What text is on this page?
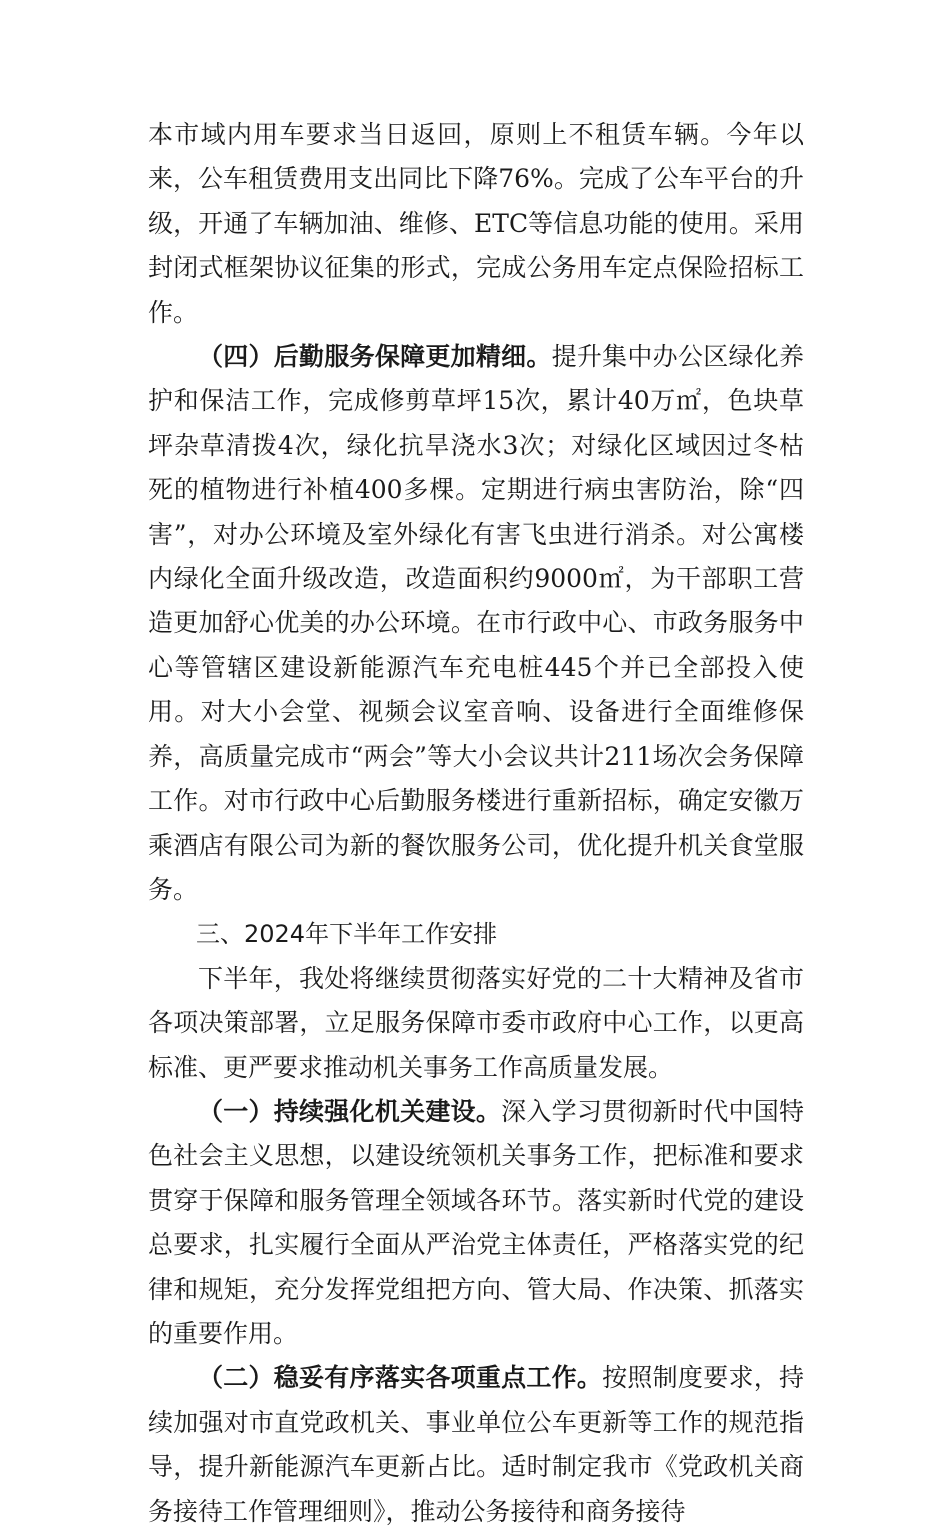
本市域内用车要求当日返回，原则上不租赁车辆。今年以来，公车租赁费用支出同比下降76%。完成了公车平台的升级，开通了车辆加油、维修、ETC等信息功能的使用。采用封闭式框架协议征集的形式，完成公务用车定点保险招标工作。

（四）后勤服务保障更加精细。提升集中办公区绿化养护和保洁工作，完成修剪草坪15次，累计40万㎡，色块草坪杂草清拨4次，绿化抗旱浇水3次；对绿化区域因过冬枯死的植物进行补植400多棵。定期进行病虫害防治，除“四害”，对办公环境及室外绿化有害飞虫进行消杀。对公寓楼内绿化全面升级改造，改造面积约9000㎡，为干部职工营造更加舒心优美的办公环境。在市行政中心、市政务服务中心等管辖区建设新能源汽车充电桩445个并已全部投入使用。对大小会堂、视频会议室音响、设备进行全面维修保养，高质量完成市“两会”等大小会议共计211场次会务保障工作。对市行政中心后勤服务楼进行重新招标，确定安徽万乘酒店有限公司为新的餐饮服务公司，优化提升机关食堂服务。

三、2024年下半年工作安排

下半年，我处将继续贯彻落实好党的二十大精神及省市各项决策部署，立足服务保障市委市政府中心工作，以更高标准、更严要求推动机关事务工作高质量发展。

（一）持续强化机关建设。深入学习贯彻新时代中国特色社会主义思想，以建设统领机关事务工作，把标准和要求贯穿于保障和服务管理全领域各环节。落实新时代党的建设总要求，扎实履行全面从严治党主体责任，严格落实党的纪律和规矩，充分发挥党组把方向、管大局、作决策、抓落实的重要作用。

（二）稳妥有序落实各项重点工作。按照制度要求，持续加强对市直党政机关、事业单位公车更新等工作的规范指导，提升新能源汽车更新占比。适时制定我市《党政机关商务接待工作管理细则》，推动公务接待和商务接待
